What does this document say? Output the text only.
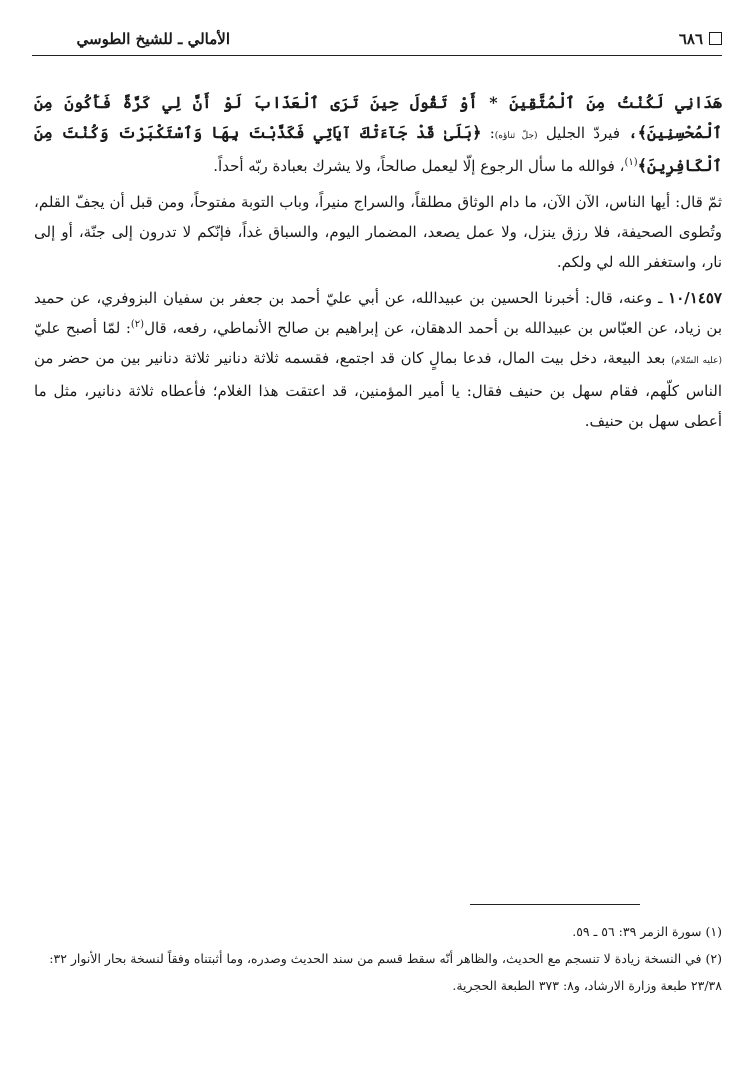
الأمالي ـ للشيخ الطوسي	٦٨٦

هَدَانِي لَكُنْتُ مِنَ ٱلْمُتَّقِينَ * أَوْ تَقُولَ حِينَ تَرَى ٱلْعَذَابَ لَوْ أَنَّ لِي كَرَّةً فَأَكُونَ مِنَ ٱلْمُحْسِنِينَ﴾، فيردّ الجليل (جلّ ثناؤه): ﴿بَلَىٰ قَدْ جَآءَتْكَ آيَاتِي فَكَذَّبْتَ بِهَا وَٱسْتَكْبَرْتَ وَكُنْتَ مِنَ ٱلْكَافِرِينَ﴾$^{(١)}$، فوالله ما سأل الرجوع إلّا ليعمل صالحاً، ولا يشرك بعبادة ربّه أحداً.

ثمّ قال: أيها الناس، الآن الآن، ما دام الوثاق مطلقاً، والسراج منيراً، وباب التوبة مفتوحاً، ومن قبل أن يجفّ القلم، وتُطوى الصحيفة، فلا رزق ينزل، ولا عمل يصعد، المضمار اليوم، والسباق غداً، فإنّكم لا تدرون إلى جنّة، أو إلى نار، واستغفر الله لي ولكم.

١٠/١٤٥٧ ـ وعنه، قال: أخبرنا الحسين بن عبيدالله، عن أبي عليّ أحمد بن جعفر بن سفيان البزوفري، عن حميد بن زياد، عن العبّاس بن عبيدالله بن أحمد الدهقان، عن إبراهيم بن صالح الأنماطي، رفعه، قال$^{(٢)}$: لمّا أصبح عليّ (عليه السّلام) بعد البيعة، دخل بيت المال، فدعا بمالٍ كان قد اجتمع، فقسمه ثلاثة دنانير ثلاثة دنانير بين من حضر من الناس كلّهم، فقام سهل بن حنيف فقال: يا أمير المؤمنين، قد اعتقت هذا الغلام؛ فأعطاه ثلاثة دنانير، مثل ما أعطى سهل بن حنيف.

(١) سورة الزمر ٣٩: ٥٦ ـ ٥٩.

(٢) في النسخة زيادة لا تنسجم مع الحديث، والظاهر أنّه سقط قسم من سند الحديث وصدره، وما أثبتناه وفقاً لنسخة بحار الأنوار ٣٢: ٢٣/٣٨ طبعة وزارة الارشاد، و٨: ٣٧٣ الطبعة الحجرية.
